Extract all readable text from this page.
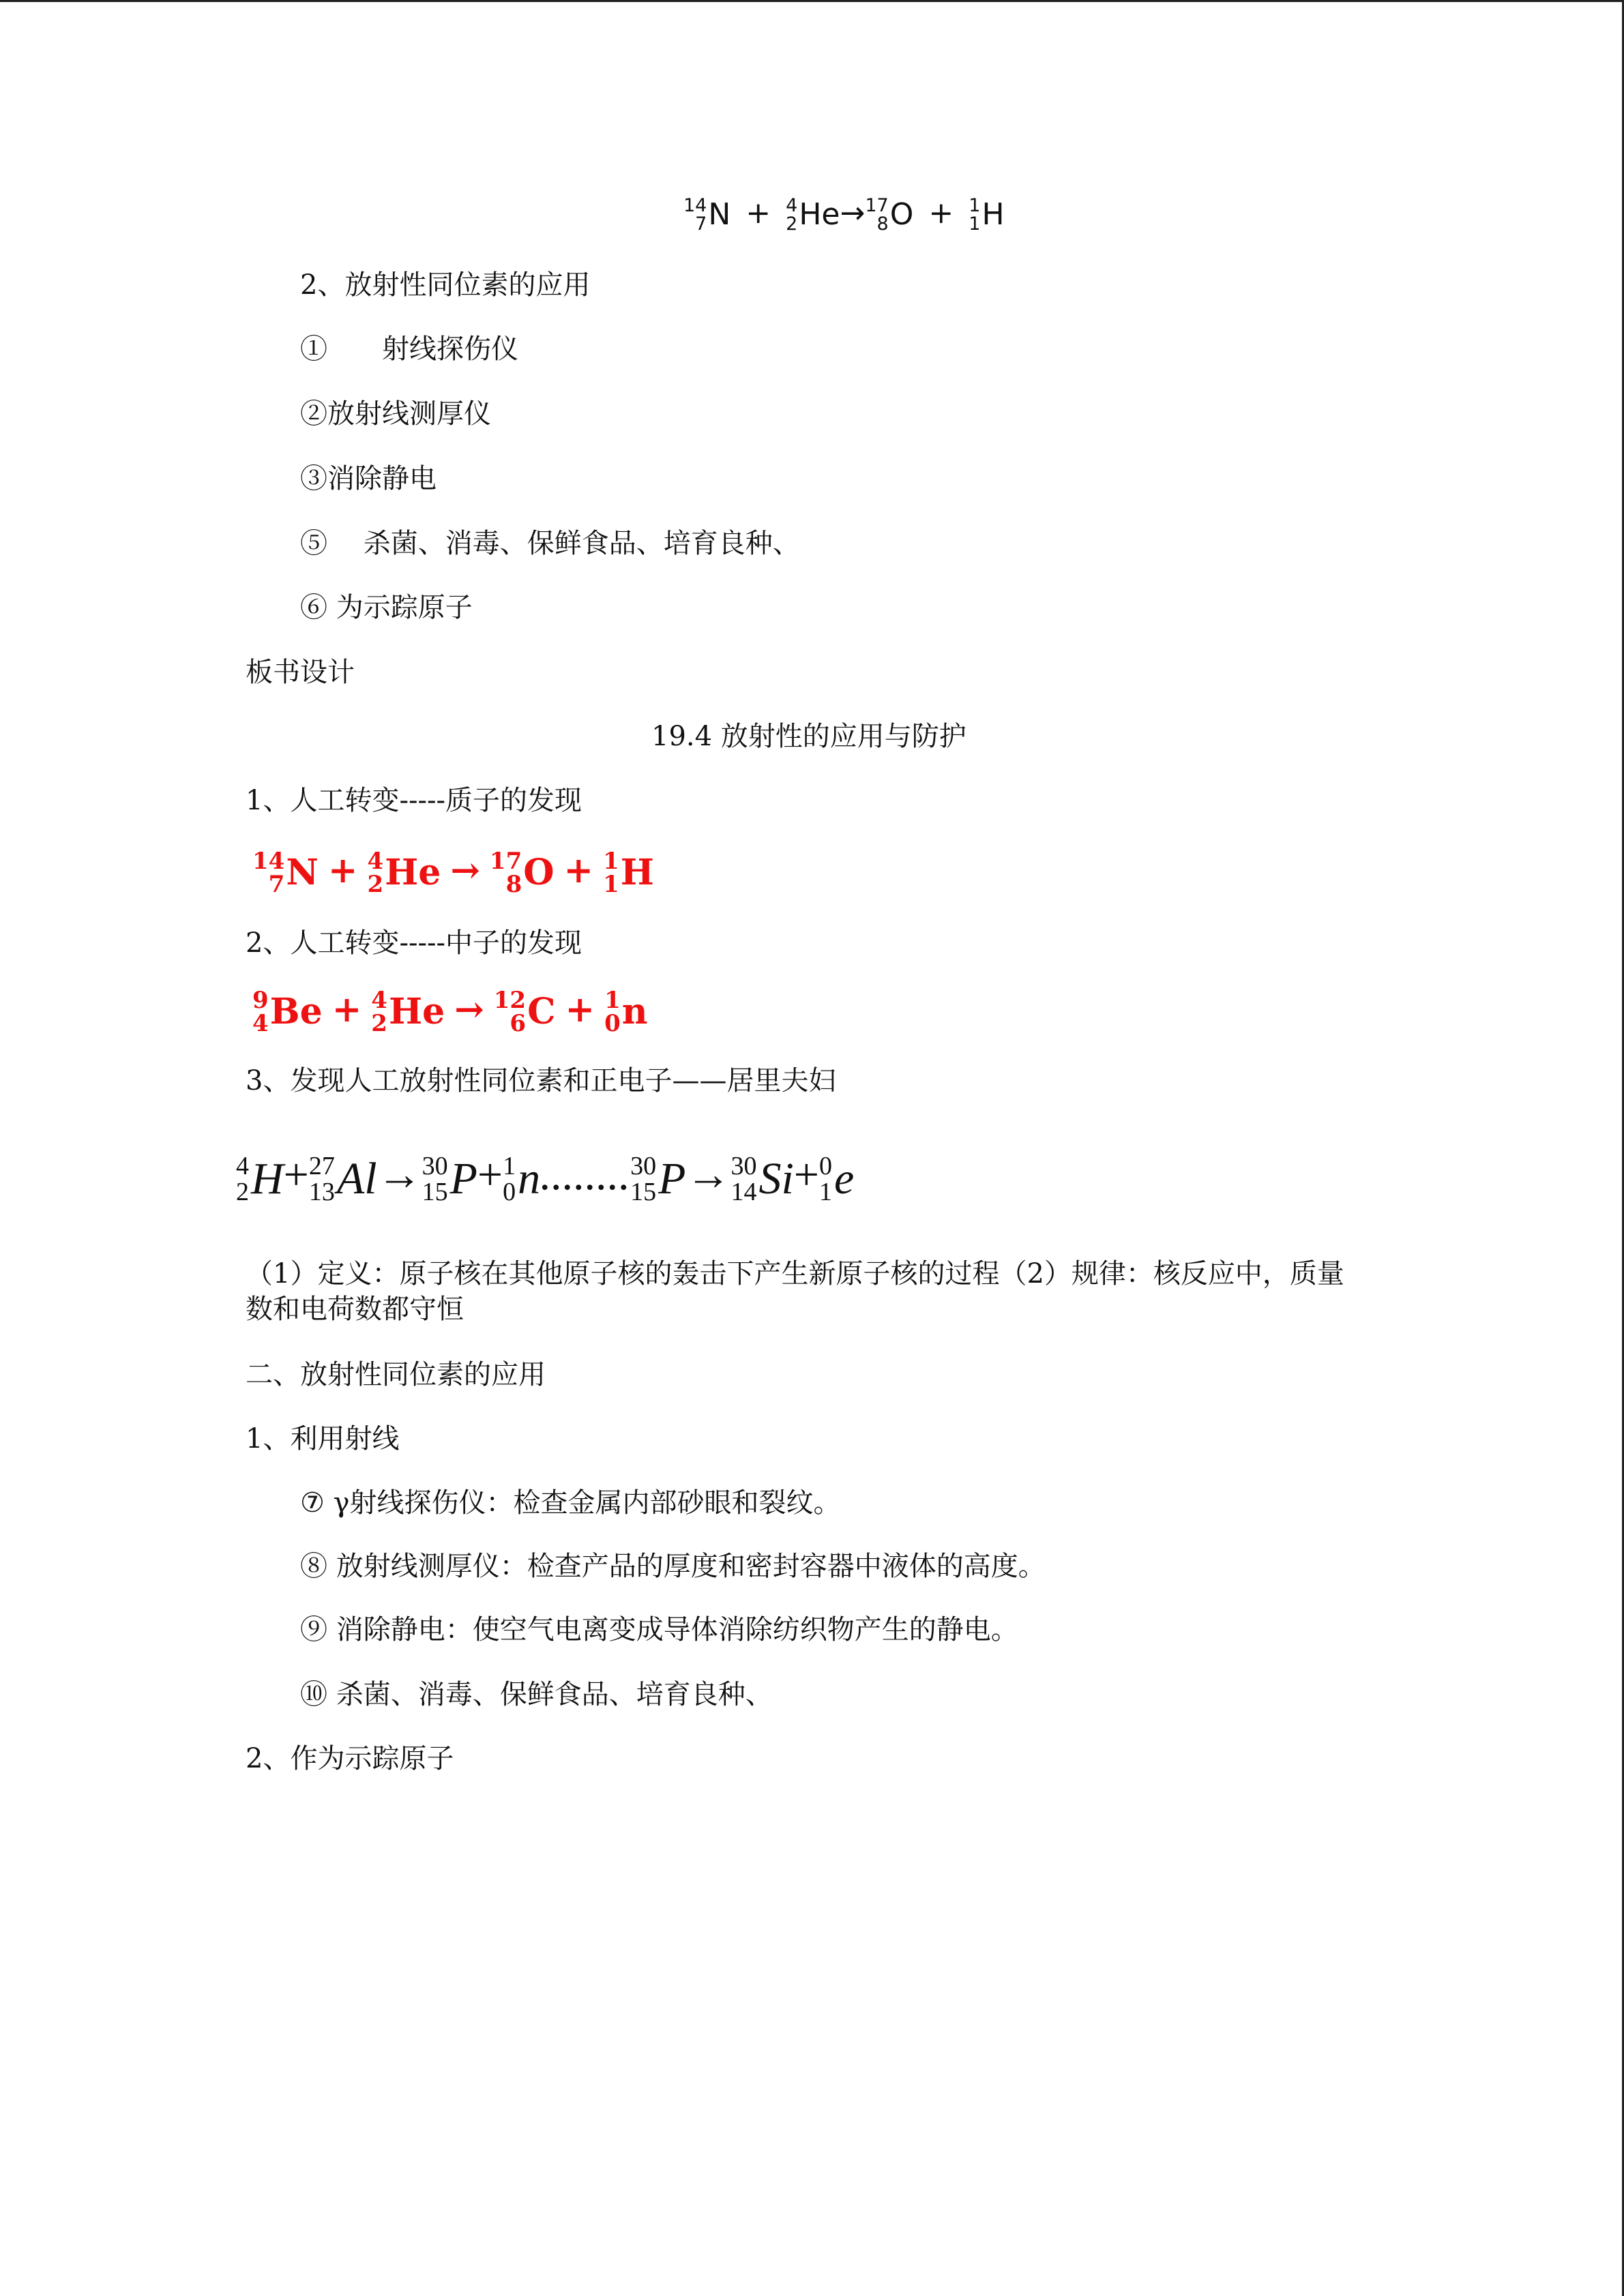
14
7 N + 4
2 He → 17
8 O + 1
1 H
2、放射性同位素的应用
①　　射线探伤仪
②放射线测厚仪
③消除静电
⑤　 杀菌、消毒、保鲜食品、培育良种、
⑥ 为示踪原子
板书设计
19.4 放射性的应用与防护
1、人工转变-----质子的发现
14
7 N + 4
2 He → 17
8 O + 1
1 H
2、人工转变-----中子的发现
9
4 Be + 4
2 He → 12
6 C + 1
0 n
3、发现人工放射性同位素和正电子——居里夫妇
4
2 H + 27
13 Al → 30
15 P + 1
0 n ........ 30
15 P → 30
14 Si + 0
1 e
（1）定义：原子核在其他原子核的轰击下产生新原子核的过程（2）规律：核反应中，质量数和电荷数都守恒
二、放射性同位素的应用
1、利用射线
⑦ γ射线探伤仪：检查金属内部砂眼和裂纹。
⑧ 放射线测厚仪：检查产品的厚度和密封容器中液体的高度。
⑨ 消除静电：使空气电离变成导体消除纺织物产生的静电。
⑩ 杀菌、消毒、保鲜食品、培育良种、
2、作为示踪原子
